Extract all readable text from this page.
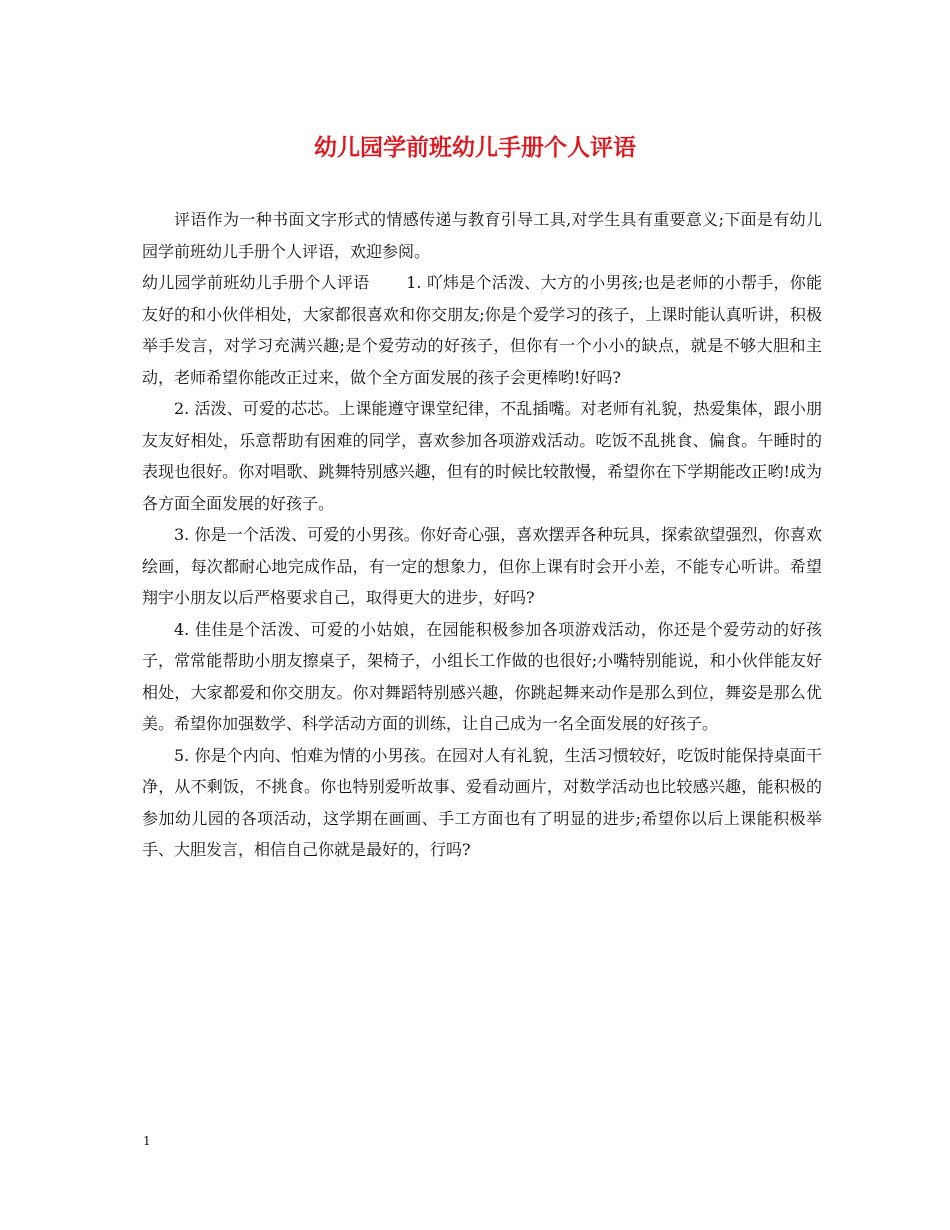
幼儿园学前班幼儿手册个人评语

评语作为一种书面文字形式的情感传递与教育引导工具,对学生具有重要意义;下面是有幼儿园学前班幼儿手册个人评语，欢迎参阅。

幼儿园学前班幼儿手册个人评语 1. 吖炜是个活泼、大方的小男孩;也是老师的小帮手，你能友好的和小伙伴相处，大家都很喜欢和你交朋友;你是个爱学习的孩子，上课时能认真听讲，积极举手发言，对学习充满兴趣;是个爱劳动的好孩子，但你有一个小小的缺点，就是不够大胆和主动，老师希望你能改正过来，做个全方面发展的孩子会更棒哟!好吗?

2. 活泼、可爱的芯芯。上课能遵守课堂纪律，不乱插嘴。对老师有礼貌，热爱集体，跟小朋友友好相处，乐意帮助有困难的同学，喜欢参加各项游戏活动。吃饭不乱挑食、偏食。午睡时的表现也很好。你对唱歌、跳舞特别感兴趣，但有的时候比较散慢，希望你在下学期能改正哟!成为各方面全面发展的好孩子。

3. 你是一个活泼、可爱的小男孩。你好奇心强，喜欢摆弄各种玩具，探索欲望强烈，你喜欢绘画，每次都耐心地完成作品，有一定的想象力，但你上课有时会开小差，不能专心听讲。希望翔宇小朋友以后严格要求自己，取得更大的进步，好吗?

4. 佳佳是个活泼、可爱的小姑娘，在园能积极参加各项游戏活动，你还是个爱劳动的好孩子，常常能帮助小朋友擦桌子，架椅子，小组长工作做的也很好;小嘴特别能说，和小伙伴能友好相处，大家都爱和你交朋友。你对舞蹈特别感兴趣，你跳起舞来动作是那么到位，舞姿是那么优美。希望你加强数学、科学活动方面的训练，让自己成为一名全面发展的好孩子。

5. 你是个内向、怕难为情的小男孩。在园对人有礼貌，生活习惯较好，吃饭时能保持桌面干净，从不剩饭，不挑食。你也特别爱听故事、爱看动画片，对数学活动也比较感兴趣，能积极的参加幼儿园的各项活动，这学期在画画、手工方面也有了明显的进步;希望你以后上课能积极举手、大胆发言，相信自己你就是最好的，行吗?

1
